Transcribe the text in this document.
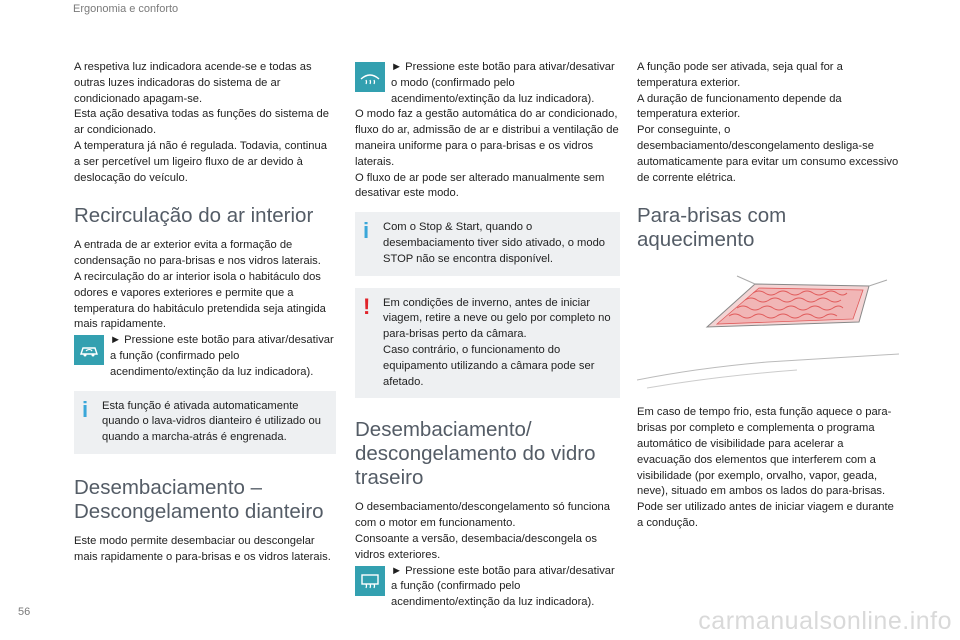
Ergonomia e conforto

A respetiva luz indicadora acende-se e todas as outras luzes indicadoras do sistema de ar condicionado apagam-se.

Esta ação desativa todas as funções do sistema de ar condicionado.

A temperatura já não é regulada. Todavia, continua a ser percetível um ligeiro fluxo de ar devido à deslocação do veículo.

Recirculação do ar interior

A entrada de ar exterior evita a formação de condensação no para-brisas e nos vidros laterais.

A recirculação do ar interior isola o habitáculo dos odores e vapores exteriores e permite que a temperatura do habitáculo pretendida seja atingida mais rapidamente.

► Pressione este botão para ativar/desativar a função (confirmado pelo acendimento/extinção da luz indicadora).
i	Esta função é ativada automaticamente quando o lava-vidros dianteiro é utilizado ou quando a marcha-atrás é engrenada.
Desembaciamento – Descongelamento dianteiro

Este modo permite desembaciar ou descongelar mais rapidamente o para-brisas e os vidros laterais.

► Pressione este botão para ativar/desativar o modo (confirmado pelo acendimento/extinção da luz indicadora).

O modo faz a gestão automática do ar condicionado, fluxo do ar, admissão de ar e distribui a ventilação de maneira uniforme para o para-brisas e os vidros laterais.

O fluxo de ar pode ser alterado manualmente sem desativar este modo.

i	Com o Stop & Start, quando o desembaciamento tiver sido ativado, o modo STOP não se encontra disponível.
!	Em condições de inverno, antes de iniciar viagem, retire a neve ou gelo por completo no para-brisas perto da câmara.
Caso contrário, o funcionamento do equipamento utilizando a câmara pode ser afetado.
Desembaciamento/ descongelamento do vidro traseiro

O desembaciamento/descongelamento só funciona com o motor em funcionamento.

Consoante a versão, desembacia/descongela os vidros exteriores.

► Pressione este botão para ativar/desativar a função (confirmado pelo acendimento/extinção da luz indicadora).

A função pode ser ativada, seja qual for a temperatura exterior.

A duração de funcionamento depende da temperatura exterior.

Por conseguinte, o desembaciamento/descongelamento desliga-se automaticamente para evitar um consumo excessivo de corrente elétrica.

Para-brisas com aquecimento

Em caso de tempo frio, esta função aquece o para-brisas por completo e complementa o programa automático de visibilidade para acelerar a evacuação dos elementos que interferem com a visibilidade (por exemplo, orvalho, vapor, geada, neve), situado em ambos os lados do para-brisas. Pode ser utilizado antes de iniciar viagem e durante a condução.

56	carmanualsonline.info
